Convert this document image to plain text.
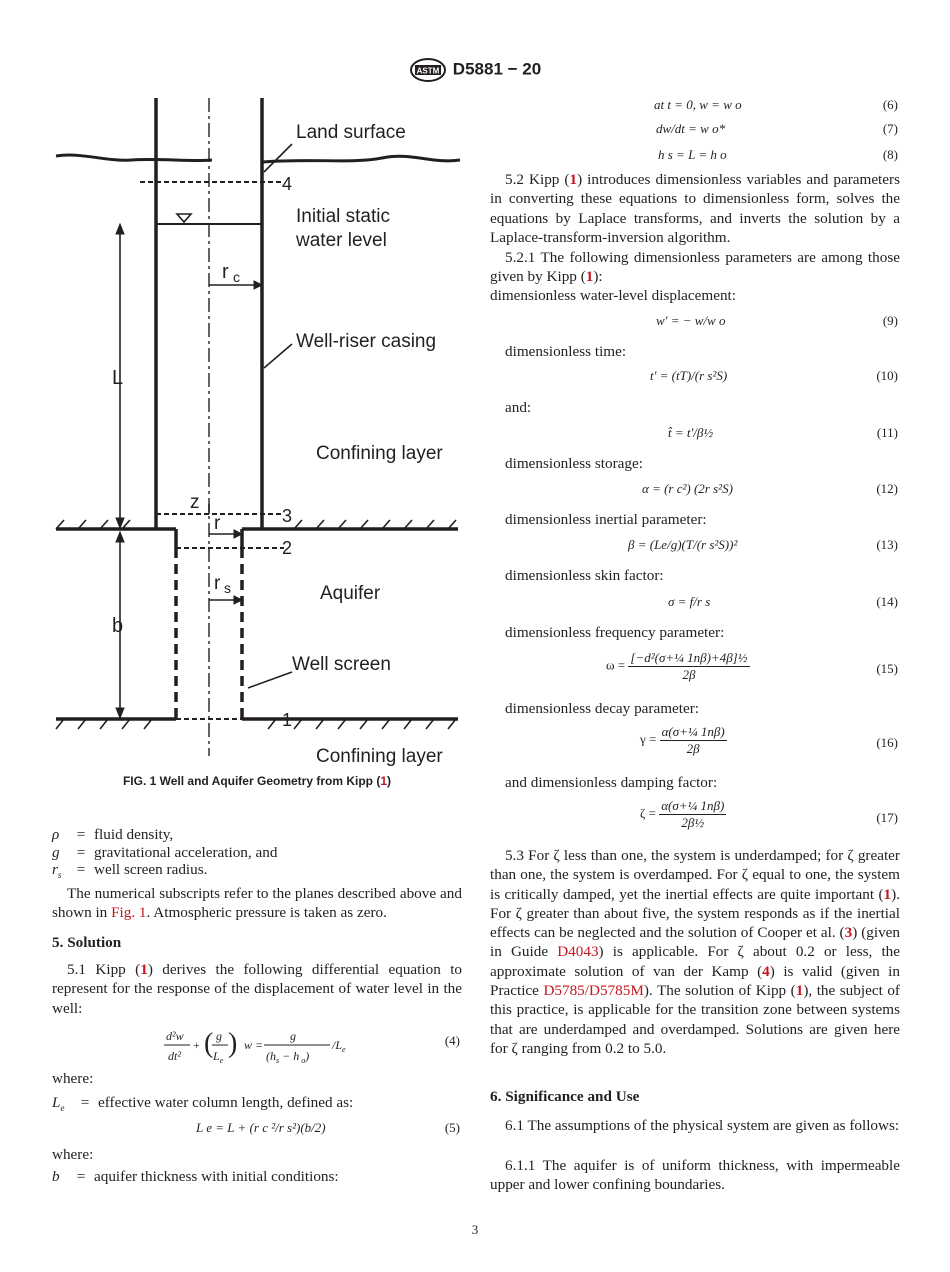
ASTM D5881 − 20
Land surface
4
Initial static
water level
r c
Well-riser casing
L
Confining layer
z
r	3
2
r s	Aquifer
b
Well screen
1
Confining layer
FIG. 1 Well and Aquifer Geometry from Kipp (1)
ρ	= fluid density,
g	= gravitational acceleration, and
$r_s$	= well screen radius.

The numerical subscripts refer to the planes described above and shown in Fig. 1. Atmospheric pressure is taken as zero.

5. Solution

5.1 Kipp (1) derives the following differential equation to represent for the response of the displacement of water level in the well:

d²w
dt²
+ ( g
$L_e$
) w =
g
($h_s - h$ $_o$)
$/L_e$
(4)
where:
$L_e$	= effective water column length, defined as:
L e = L + (r c ²/r s²)(b/2)	(5)
where:
b	= aquifer thickness with initial conditions:
at t = 0, w = w o	(6)
dw/dt = w o*	(7)
h s = L = h o	(8)

5.2 Kipp (1) introduces dimensionless variables and parameters in converting these equations to dimensionless form, solves the equations by Laplace transforms, and inverts the solution by a Laplace-transform-inversion algorithm.

5.2.1 The following dimensionless parameters are among those given by Kipp (1):

dimensionless water-level displacement:
w' = − w/w o	(9)
dimensionless time:
t' = (tT)/(r s²S)	(10)
and:
t̂ = t'/β½	(11)
dimensionless storage:
α = (r c²) (2r s²S)	(12)
dimensionless inertial parameter:
β = (Le/g)(T/(r s²S))²	(13)
dimensionless skin factor:
σ = f/r s	(14)
dimensionless frequency parameter:
$\omega = \frac{\text{[−d²(σ+¼ 1nβ)+4β]½}}{2\beta}$	(15)
dimensionless decay parameter:
$\gamma = \frac{\text{α(σ+¼ 1nβ)}}{2\beta}$	(16)
and dimensionless damping factor:
$\zeta = \frac{\text{α(σ+¼ 1nβ)}}{\text{2β½}}$	(17)

5.3 For ζ less than one, the system is underdamped; for ζ greater than one, the system is overdamped. For ζ equal to one, the system is critically damped, yet the inertial effects are quite important (1). For ζ greater than about five, the system responds as if the inertial effects can be neglected and the solution of Cooper et al. (3) (given in Guide D4043) is applicable. For ζ about 0.2 or less, the approximate solution of van der Kamp (4) is valid (given in Practice D5785/D5785M). The solution of Kipp (1), the subject of this practice, is applicable for the transition zone between systems that are underdamped and overdamped. Solutions are given here for ζ ranging from 0.2 to 5.0.

6. Significance and Use

6.1 The assumptions of the physical system are given as follows:

6.1.1 The aquifer is of uniform thickness, with impermeable upper and lower confining boundaries.

3
